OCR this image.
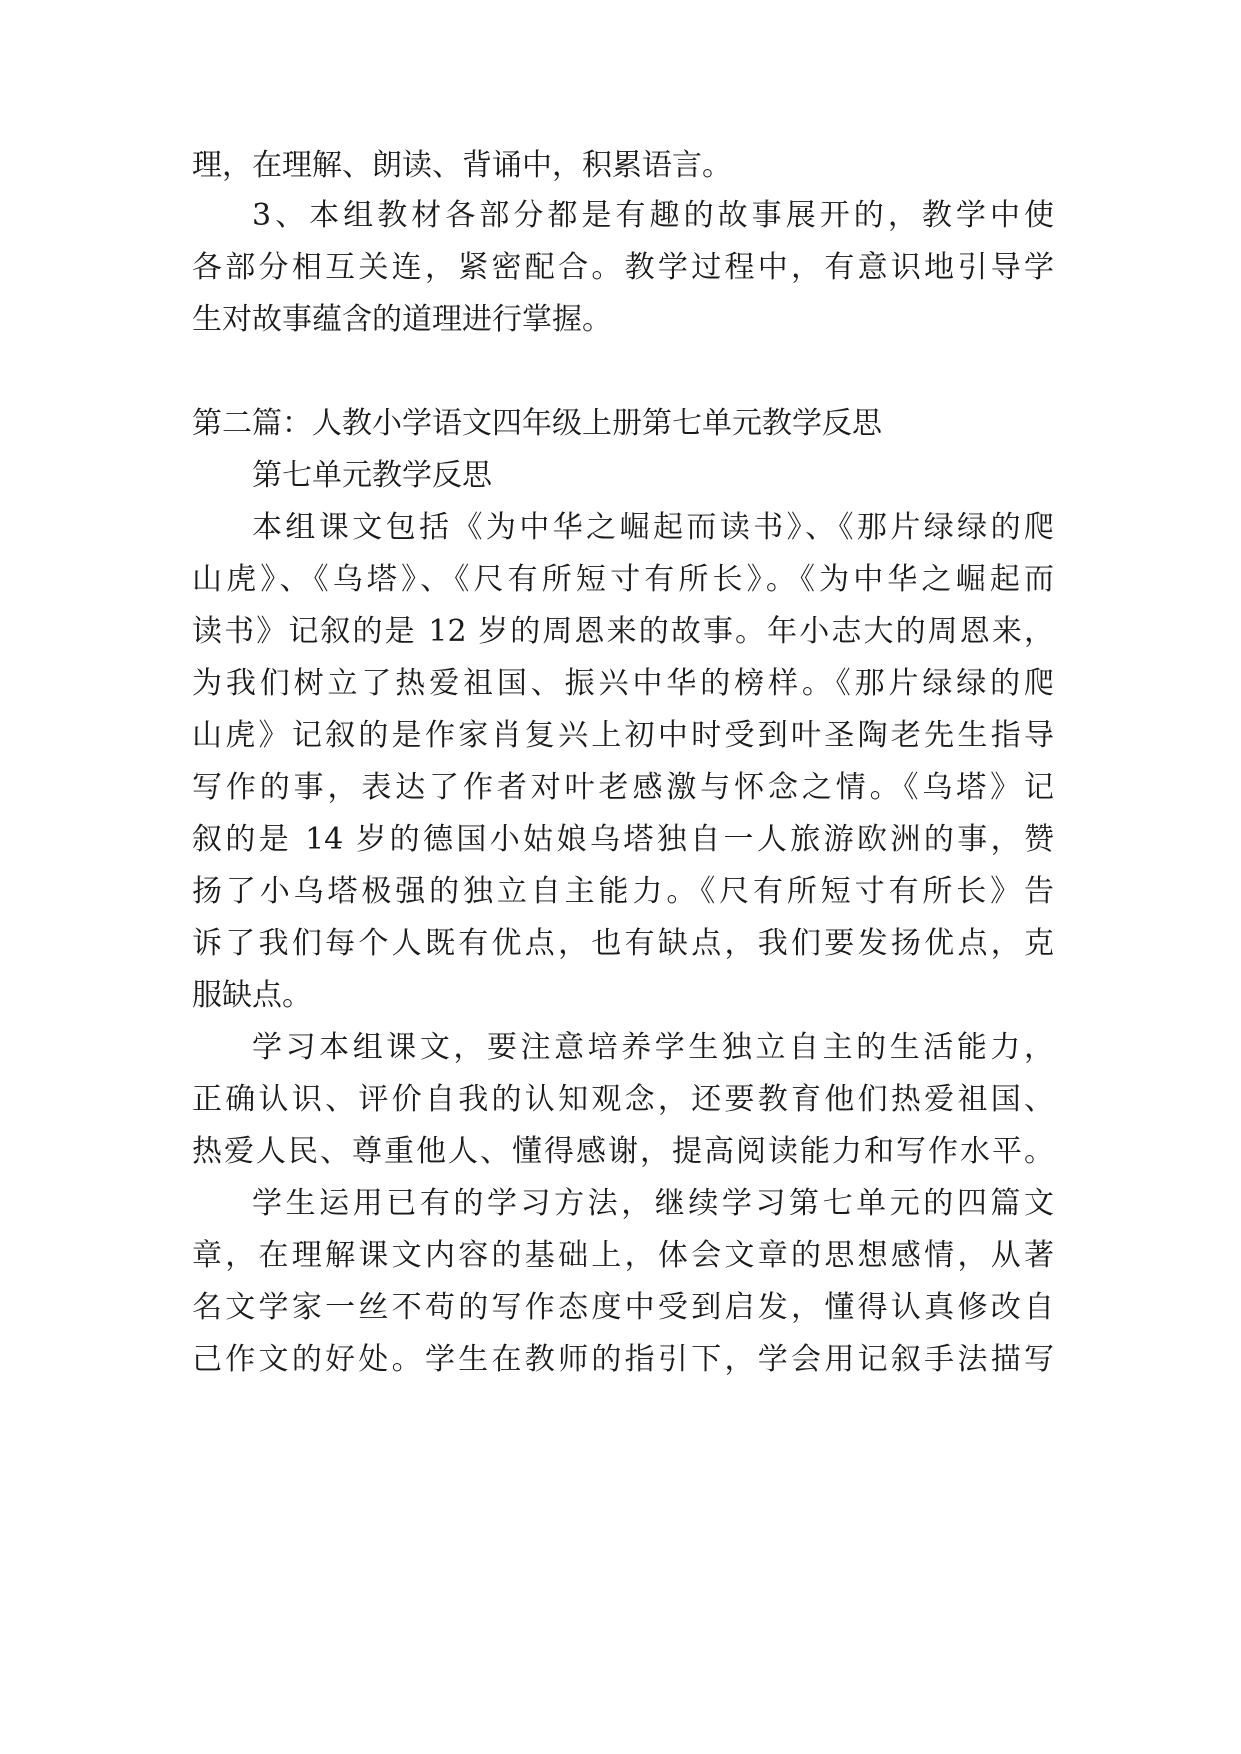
理，在理解、朗读、背诵中，积累语言。
3、本组教材各部分都是有趣的故事展开的，教学中使
各部分相互关连，紧密配合。教学过程中，有意识地引导学
生对故事蕴含的道理进行掌握。
第二篇：人教小学语文四年级上册第七单元教学反思
第七单元教学反思
本组课文包括《为中华之崛起而读书》、《那片绿绿的爬
山虎》、《乌塔》、《尺有所短寸有所长》。《为中华之崛起而
读书》记叙的是 12 岁的周恩来的故事。年小志大的周恩来，
为我们树立了热爱祖国、振兴中华的榜样。《那片绿绿的爬
山虎》记叙的是作家肖复兴上初中时受到叶圣陶老先生指导
写作的事，表达了作者对叶老感激与怀念之情。《乌塔》记
叙的是 14 岁的德国小姑娘乌塔独自一人旅游欧洲的事，赞
扬了小乌塔极强的独立自主能力。《尺有所短寸有所长》告
诉了我们每个人既有优点，也有缺点，我们要发扬优点，克
服缺点。
学习本组课文，要注意培养学生独立自主的生活能力，
正确认识、评价自我的认知观念，还要教育他们热爱祖国、
热爱人民、尊重他人、懂得感谢，提高阅读能力和写作水平。
学生运用已有的学习方法，继续学习第七单元的四篇文
章，在理解课文内容的基础上，体会文章的思想感情，从著
名文学家一丝不苟的写作态度中受到启发，懂得认真修改自
己作文的好处。学生在教师的指引下，学会用记叙手法描写
